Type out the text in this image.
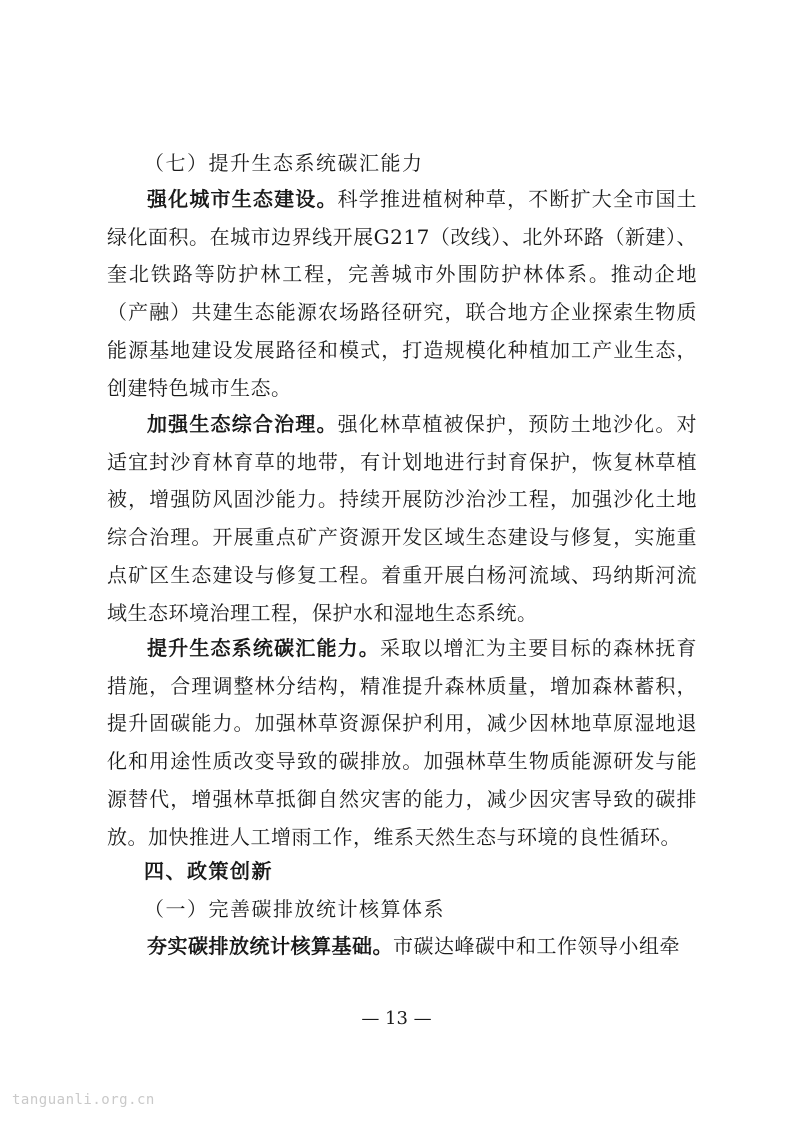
（七）提升生态系统碳汇能力
强化城市生态建设。科学推进植树种草，不断扩大全市国土绿化面积。在城市边界线开展G217（改线）、北外环路（新建）、奎北铁路等防护林工程，完善城市外围防护林体系。推动企地（产融）共建生态能源农场路径研究，联合地方企业探索生物质能源基地建设发展路径和模式，打造规模化种植加工产业生态，创建特色城市生态。
加强生态综合治理。强化林草植被保护，预防土地沙化。对适宜封沙育林育草的地带，有计划地进行封育保护，恢复林草植被，增强防风固沙能力。持续开展防沙治沙工程，加强沙化土地综合治理。开展重点矿产资源开发区域生态建设与修复，实施重点矿区生态建设与修复工程。着重开展白杨河流域、玛纳斯河流域生态环境治理工程，保护水和湿地生态系统。
提升生态系统碳汇能力。采取以增汇为主要目标的森林抚育措施，合理调整林分结构，精准提升森林质量，增加森林蓄积，提升固碳能力。加强林草资源保护利用，减少因林地草原湿地退化和用途性质改变导致的碳排放。加强林草生物质能源研发与能源替代，增强林草抵御自然灾害的能力，减少因灾害导致的碳排放。加快推进人工增雨工作，维系天然生态与环境的良性循环。
四、政策创新
（一）完善碳排放统计核算体系
夯实碳排放统计核算基础。市碳达峰碳中和工作领导小组牵
— 13 —
tanguanli.org.cn
